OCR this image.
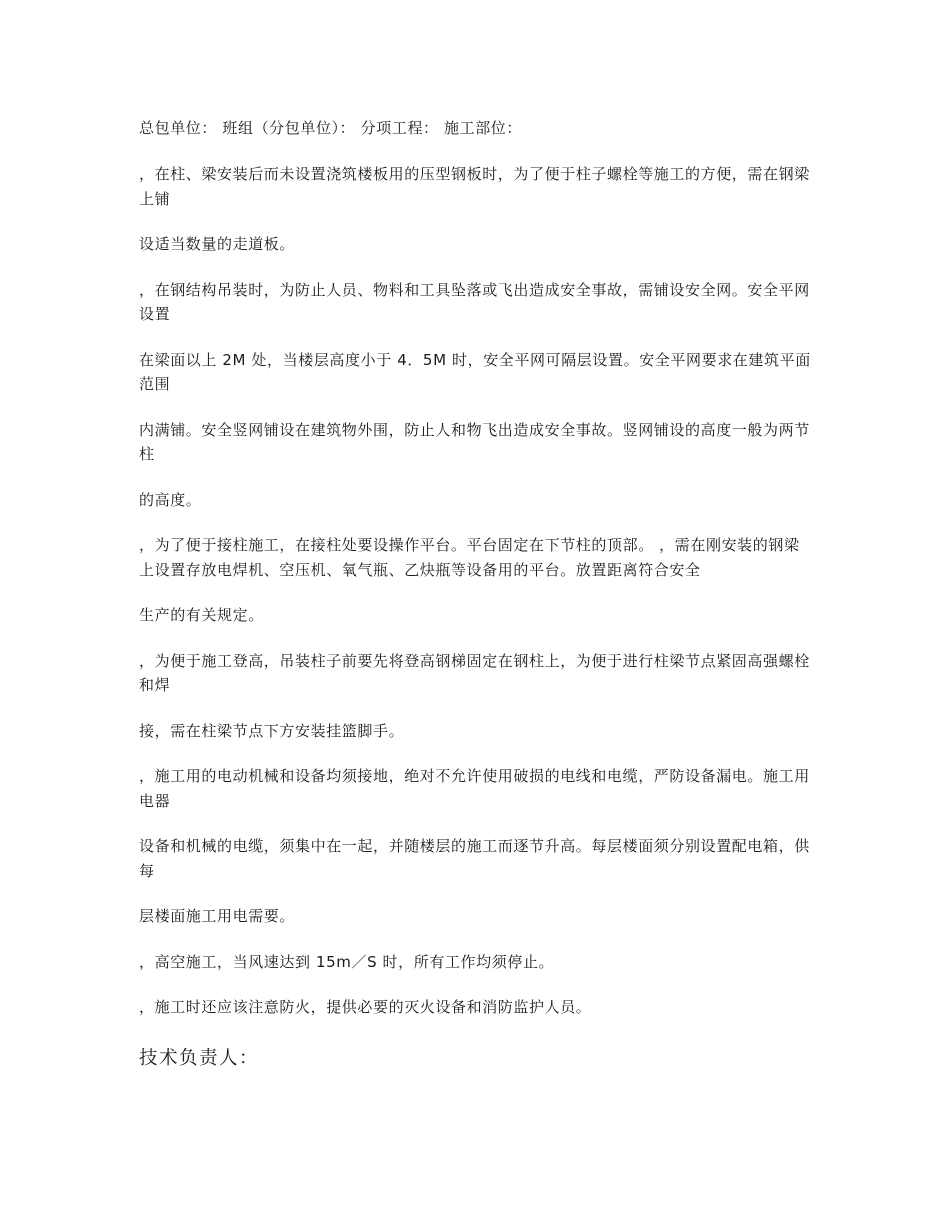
总包单位： 班组（分包单位）： 分项工程： 施工部位：
，在柱、梁安装后而未设置浇筑楼板用的压型钢板时，为了便于柱子螺栓等施工的方便，需在钢梁上铺
设适当数量的走道板。
，在钢结构吊装时，为防止人员、物料和工具坠落或飞出造成安全事故，需铺设安全网。安全平网设置
在梁面以上 2M 处，当楼层高度小于 4．5M 时，安全平网可隔层设置。安全平网要求在建筑平面范围
内满铺。安全竖网铺设在建筑物外围，防止人和物飞出造成安全事故。竖网铺设的高度一般为两节柱
的高度。
，为了便于接柱施工，在接柱处要设操作平台。平台固定在下节柱的顶部。 ，需在刚安装的钢梁上设置存放电焊机、空压机、氧气瓶、乙炔瓶等设备用的平台。放置距离符合安全
生产的有关规定。
，为便于施工登高，吊装柱子前要先将登高钢梯固定在钢柱上，为便于进行柱梁节点紧固高强螺栓和焊
接，需在柱梁节点下方安装挂篮脚手。
，施工用的电动机械和设备均须接地，绝对不允许使用破损的电线和电缆，严防设备漏电。施工用电器
设备和机械的电缆，须集中在一起，并随楼层的施工而逐节升高。每层楼面须分别设置配电箱，供每
层楼面施工用电需要。
，高空施工，当风速达到 15m／S 时，所有工作均须停止。
，施工时还应该注意防火，提供必要的灭火设备和消防监护人员。
技术负责人：
